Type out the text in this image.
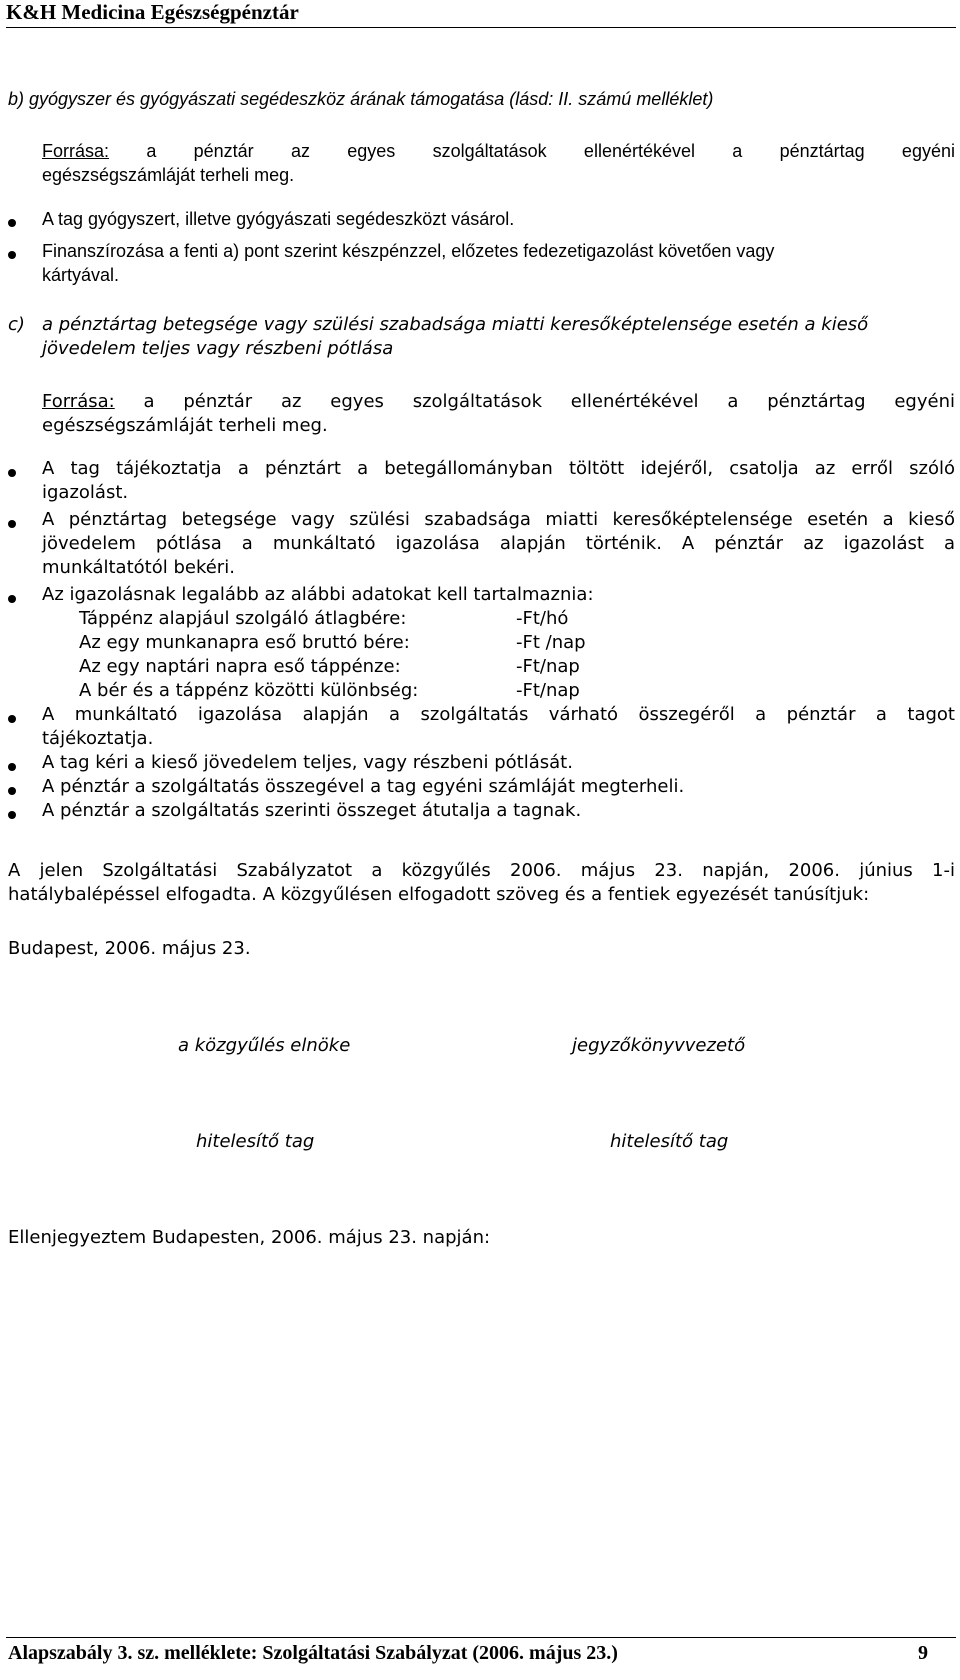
K&H Medicina Egészségpénztár
b) gyógyszer és gyógyászati segédeszköz árának támogatása (lásd: II. számú melléklet)
Forrása: a pénztár az egyes szolgáltatások ellenértékével a pénztártag egyéni
egészségszámláját terheli meg.
A tag gyógyszert, illetve gyógyászati segédeszközt vásárol.
Finanszírozása a fenti a) pont szerint készpénzzel, előzetes fedezetigazolást követően vagy
kártyával.
c) a pénztártag betegsége vagy szülési szabadsága miatti keresőképtelensége esetén a kieső
jövedelem teljes vagy részbeni pótlása
Forrása: a pénztár az egyes szolgáltatások ellenértékével a pénztártag egyéni
egészségszámláját terheli meg.
A tag tájékoztatja a pénztárt a betegállományban töltött idejéről, csatolja az erről szóló
igazolást.
A pénztártag betegsége vagy szülési szabadsága miatti keresőképtelensége esetén a kieső
jövedelem pótlása a munkáltató igazolása alapján történik. A pénztár az igazolást a
munkáltatótól bekéri.
Az igazolásnak legalább az alábbi adatokat kell tartalmaznia:
Táppénz alapjául szolgáló átlagbére:	-Ft/hó
Az egy munkanapra eső bruttó bére:	-Ft /nap
Az egy naptári napra eső táppénze:	-Ft/nap
A bér és a táppénz közötti különbség:	-Ft/nap
A munkáltató igazolása alapján a szolgáltatás várható összegéről a pénztár a tagot
tájékoztatja.
A tag kéri a kieső jövedelem teljes, vagy részbeni pótlását.
A pénztár a szolgáltatás összegével a tag egyéni számláját megterheli.
A pénztár a szolgáltatás szerinti összeget átutalja a tagnak.
A jelen Szolgáltatási Szabályzatot a közgyűlés 2006. május 23. napján, 2006. június 1-i
hatálybalépéssel elfogadta. A közgyűlésen elfogadott szöveg és a fentiek egyezését tanúsítjuk:
Budapest, 2006. május 23.
a közgyűlés elnöke	jegyzőkönyvvezető
hitelesítő tag	hitelesítő tag
Ellenjegyeztem Budapesten, 2006. május 23. napján:
Alapszabály 3. sz. melléklete: Szolgáltatási Szabályzat (2006. május 23.)	9
